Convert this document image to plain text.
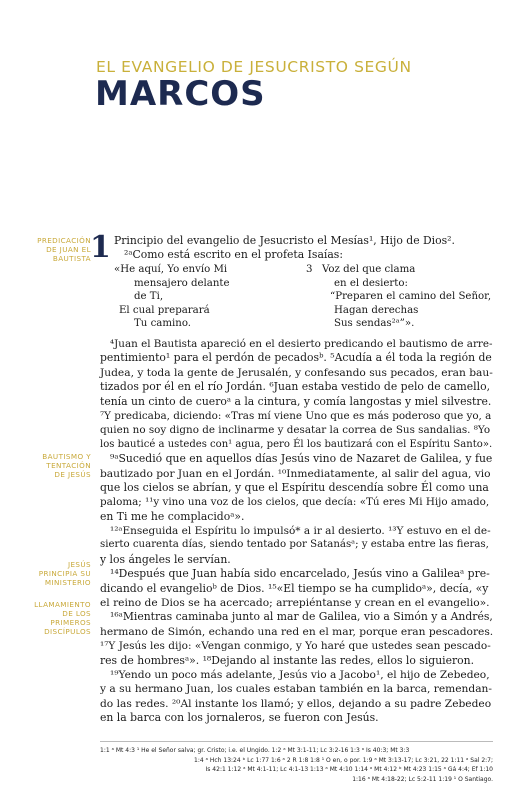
EL EVANGELIO DE JESUCRISTO SEGÚN
MARCOS
PREDICACIÓN DE JUAN EL BAUTISTA
BAUTISMO Y TENTACIÓN DE JESÚS
JESÚS PRINCIPIA SU MINISTERIO
LLAMAMIENTO DE LOS PRIMEROS DISCÍPULOS
1 Principio del evangelio de Jesucristo el Mesías¹, Hijo de Dios².
²ᵃComo está escrito en el profeta Isaías:
«He aquí, Yo envío Mi
mensajero delante
de Ti,
El cual preparará
Tu camino.
3 Voz del que clama
en el desierto:
“Preparen el camino del Señor,
Hagan derechas
Sus sendas²ᵃ”».
⁴Juan el Bautista apareció en el desierto predicando el bautismo de arre-
pentimiento¹ para el perdón de pecadosᵇ. ⁵Acudía a él toda la región de
Judea, y toda la gente de Jerusalén, y confesando sus pecados, eran bau-
tizados por él en el río Jordán. ⁶Juan estaba vestido de pelo de camello,
tenía un cinto de cueroᵃ a la cintura, y comía langostas y miel silvestre.
⁷Y predicaba, diciendo: «Tras mí viene Uno que es más poderoso que yo, a
quien no soy digno de inclinarme y desatar la correa de Sus sandalias. ⁸Yo
los bauticé a ustedes con¹ agua, pero Él los bautizará con el Espíritu Santo».
⁹ᵃSucedió que en aquellos días Jesús vino de Nazaret de Galilea, y fue
bautizado por Juan en el Jordán. ¹⁰Inmediatamente, al salir del agua, vio
que los cielos se abrían, y que el Espíritu descendía sobre Él como una
paloma; ¹¹y vino una voz de los cielos, que decía: «Tú eres Mi Hijo amado,
en Ti me he complacidoᵃ».
¹²ᵃEnseguida el Espíritu lo impulsó* a ir al desierto. ¹³Y estuvo en el de-
sierto cuarenta días, siendo tentado por Satanásᵃ; y estaba entre las fieras,
y los ángeles le servían.
¹⁴Después que Juan había sido encarcelado, Jesús vino a Galileaᵃ pre-
dicando el evangelioᵇ de Dios. ¹⁵«El tiempo se ha cumplidoᵃ», decía, «y
el reino de Dios se ha acercado; arrepiéntanse y crean en el evangelio».
¹⁶ᵃMientras caminaba junto al mar de Galilea, vio a Simón y a Andrés,
hermano de Simón, echando una red en el mar, porque eran pescadores.
¹⁷Y Jesús les dijo: «Vengan conmigo, y Yo haré que ustedes sean pescado-
res de hombresᵃ». ¹⁸Dejando al instante las redes, ellos lo siguieron.
¹⁹Yendo un poco más adelante, Jesús vio a Jacobo¹, el hijo de Zebedeo,
y a su hermano Juan, los cuales estaban también en la barca, remendan-
do las redes. ²⁰Al instante los llamó; y ellos, dejando a su padre Zebedeo
en la barca con los jornaleros, se fueron con Jesús.
1:1 ᵃ Mt 4:3 ¹ He el Señor salva; gr. Cristo; i.e. el Ungido. 1:2 ᵃ Mt 3:1-11; Lc 3:2-16 1:3 ᵃ Is 40:3; Mt 3:3
1:4 ᵃ Hch 13:24 ᵇ Lc 1:77 1:6 ᵃ 2 R 1:8 1:8 ¹ O en, o por. 1:9 ᵃ Mt 3:13-17; Lc 3:21, 22 1:11 ᵃ Sal 2:7;
Is 42:1 1:12 ᵃ Mt 4:1-11; Lc 4:1-13 1:13 ᵃ Mt 4:10 1:14 ᵃ Mt 4:12 ᵇ Mt 4:23 1:15 ᵃ Gá 4:4; Ef 1:10
1:16 ᵃ Mt 4:18-22; Lc 5:2-11 1:19 ¹ O Santiago.
